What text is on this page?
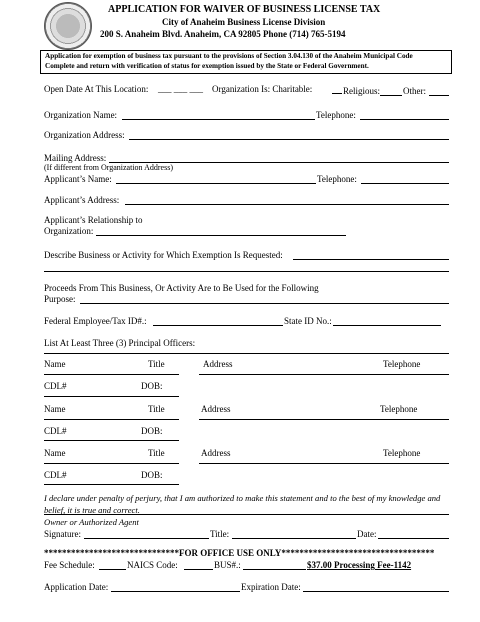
APPLICATION FOR WAIVER OF BUSINESS LICENSE TAX
City of Anaheim Business License Division
200 S. Anaheim Blvd. Anaheim, CA 92805 Phone (714) 765-5194
Application for exemption of business tax pursuant to the provisions of Section 3.04.130 of the Anaheim Municipal Code
Complete and return with verification of status for exemption issued by the State or Federal Government.
Open Date At This Location: ___ ___ ___ Organization Is: Charitable:	Religious:	Other:
Organization Name:	Telephone:
Organization Address:
Mailing Address:
(If different from Organization Address)
Applicant’s Name:	Telephone:
Applicant’s Address:
Applicant’s Relationship to
Organization:
Describe Business or Activity for Which Exemption Is Requested:
Proceeds From This Business, Or Activity Are to Be Used for the Following
Purpose:
Federal Employee/Tax ID#.:	State ID No.:
List At Least Three (3) Principal Officers:
Name	Title	Address	Telephone
CDL#	DOB:
Name	Title	Address	Telephone
CDL#	DOB:
Name	Title	Address	Telephone
CDL#	DOB:
I declare under penalty of perjury, that I am authorized to make this statement and to the best of my knowledge and
belief, it is true and correct.
Owner or Authorized Agent
Signature:	Title:	Date:
******************************FOR OFFICE USE ONLY**********************************
Fee Schedule:	NAICS Code:	BUS#.:	$37.00 Processing Fee-1142
Application Date:	Expiration Date:
